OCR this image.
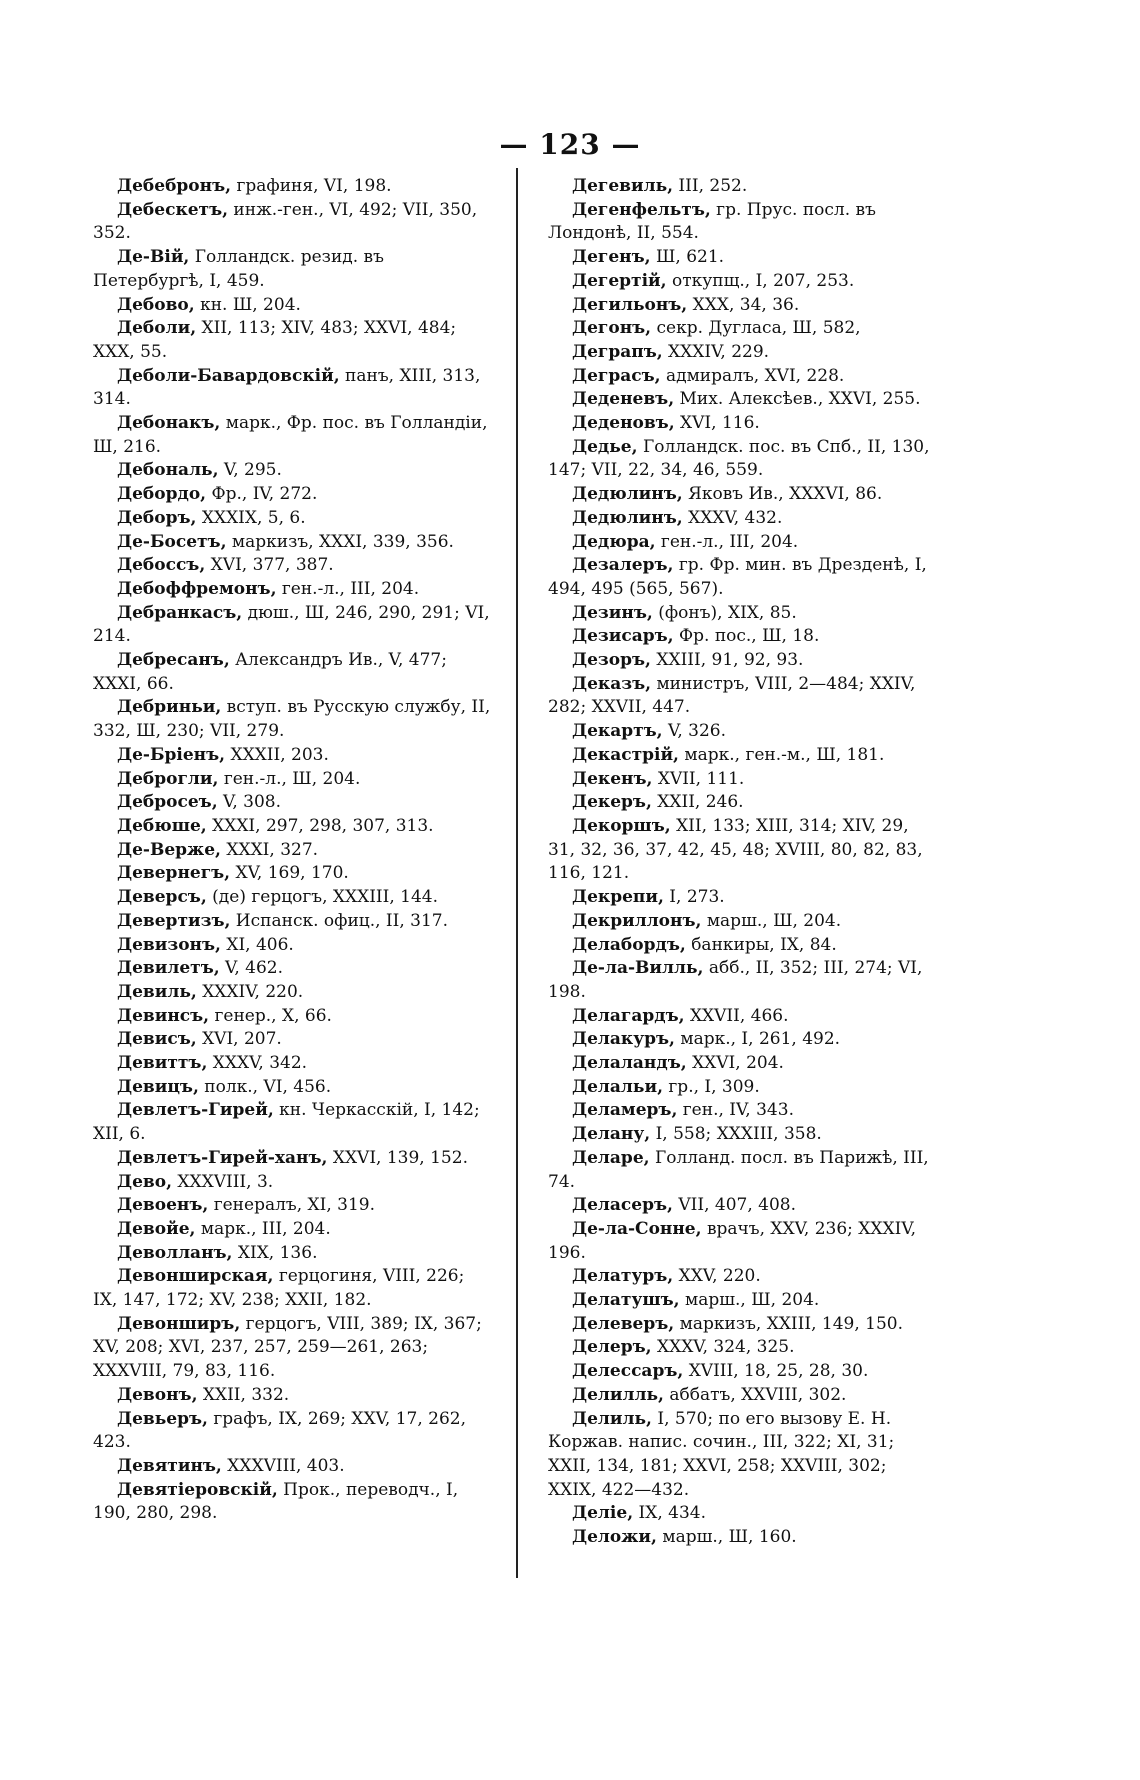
— 123 —

Дебебронъ, графиня, VI, 198.

Дебескетъ, инж.-ген., VI, 492; VII, 350, 352.

Де-Вій, Голландск. резид. въ Петербургѣ, I, 459.

Дебово, кн. Ш, 204.

Деболи, XII, 113; XIV, 483; XXVI, 484; XXX, 55.

Деболи-Бавардовскій, панъ, XIII, 313, 314.

Дебонакъ, марк., Фр. пос. въ Голландіи, Ш, 216.

Дебональ, V, 295.

Дебордо, Фр., IV, 272.

Деборъ, XXXIX, 5, 6.

Де-Босетъ, маркизъ, XXXI, 339, 356.

Дебоссъ, XVI, 377, 387.

Дебоффремонъ, ген.-л., III, 204.

Дебранкасъ, дюш., Ш, 246, 290, 291; VI, 214.

Дебресанъ, Александръ Ив., V, 477; XXXI, 66.

Дебриньи, вступ. въ Русскую службу, II, 332, Ш, 230; VII, 279.

Де-Бріенъ, XXXII, 203.

Деброгли, ген.-л., Ш, 204.

Дебросеъ, V, 308.

Дебюше, XXXI, 297, 298, 307, 313.

Де-Верже, XXXI, 327.

Девернегъ, XV, 169, 170.

Деверсъ, (де) герцогъ, XXXIII, 144.

Девертизъ, Испанск. офиц., II, 317.

Девизонъ, XI, 406.

Девилетъ, V, 462.

Девиль, XXXIV, 220.

Девинсъ, генер., X, 66.

Девисъ, XVI, 207.

Девиттъ, XXXV, 342.

Девицъ, полк., VI, 456.

Девлетъ-Гирей, кн. Черкасскій, I, 142; XII, 6.

Девлетъ-Гирей-ханъ, XXVI, 139, 152.

Дево, XXXVIII, 3.

Девоенъ, генералъ, XI, 319.

Девойе, марк., III, 204.

Деволланъ, XIX, 136.

Девонширская, герцогиня, VIII, 226; IX, 147, 172; XV, 238; XXII, 182.

Девонширъ, герцогъ, VIII, 389; IX, 367; XV, 208; XVI, 237, 257, 259—261, 263; XXXVIII, 79, 83, 116.

Девонъ, XXII, 332.

Девьеръ, графъ, IX, 269; XXV, 17, 262, 423.

Девятинъ, XXXVIII, 403.

Девятіеровскій, Прок., переводч., I, 190, 280, 298.

Дегевиль, III, 252.

Дегенфельтъ, гр. Прус. посл. въ Лондонѣ, II, 554.

Дегенъ, Ш, 621.

Дегертій, откупщ., I, 207, 253.

Дегильонъ, XXX, 34, 36.

Дегонъ, секр. Дугласа, Ш, 582,

Деграпъ, XXXIV, 229.

Деграсъ, адмиралъ, XVI, 228.

Деденевъ, Мих. Алексѣев., XXVI, 255.

Деденовъ, XVI, 116.

Дедье, Голландск. пос. въ Спб., II, 130, 147; VII, 22, 34, 46, 559.

Дедюлинъ, Яковъ Ив., XXXVI, 86.

Дедюлинъ, XXXV, 432.

Дедюра, ген.-л., III, 204.

Дезалеръ, гр. Фр. мин. въ Дрезденѣ, I, 494, 495 (565, 567).

Дезинъ, (фонъ), XIX, 85.

Дезисаръ, Фр. пос., Ш, 18.

Дезоръ, XXIII, 91, 92, 93.

Деказъ, министръ, VIII, 2—484; XXIV, 282; XXVII, 447.

Декартъ, V, 326.

Декастрій, марк., ген.-м., Ш, 181.

Декенъ, XVII, 111.

Декеръ, XXII, 246.

Декоршъ, XII, 133; XIII, 314; XIV, 29, 31, 32, 36, 37, 42, 45, 48; XVIII, 80, 82, 83, 116, 121.

Декрепи, I, 273.

Декриллонъ, марш., Ш, 204.

Делабордъ, банкиры, IX, 84.

Де-ла-Вилль, абб., II, 352; III, 274; VI, 198.

Делагардъ, XXVII, 466.

Делакуръ, марк., I, 261, 492.

Делаландъ, XXVI, 204.

Делальи, гр., I, 309.

Деламеръ, ген., IV, 343.

Делану, I, 558; XXXIII, 358.

Деларе, Голланд. посл. въ Парижѣ, III, 74.

Деласеръ, VII, 407, 408.

Де-ла-Сонне, врачъ, XXV, 236; XXXIV, 196.

Делатуръ, XXV, 220.

Делатушъ, марш., Ш, 204.

Делеверъ, маркизъ, XXIII, 149, 150.

Делеръ, XXXV, 324, 325.

Делессаръ, XVIII, 18, 25, 28, 30.

Делилль, аббатъ, XXVIII, 302.

Делиль, I, 570; по его вызову Е. Н. Коржав. напис. сочин., III, 322; XI, 31; XXII, 134, 181; XXVI, 258; XXVIII, 302; XXIX, 422—432.

Деліе, IX, 434.

Деложи, марш., Ш, 160.
